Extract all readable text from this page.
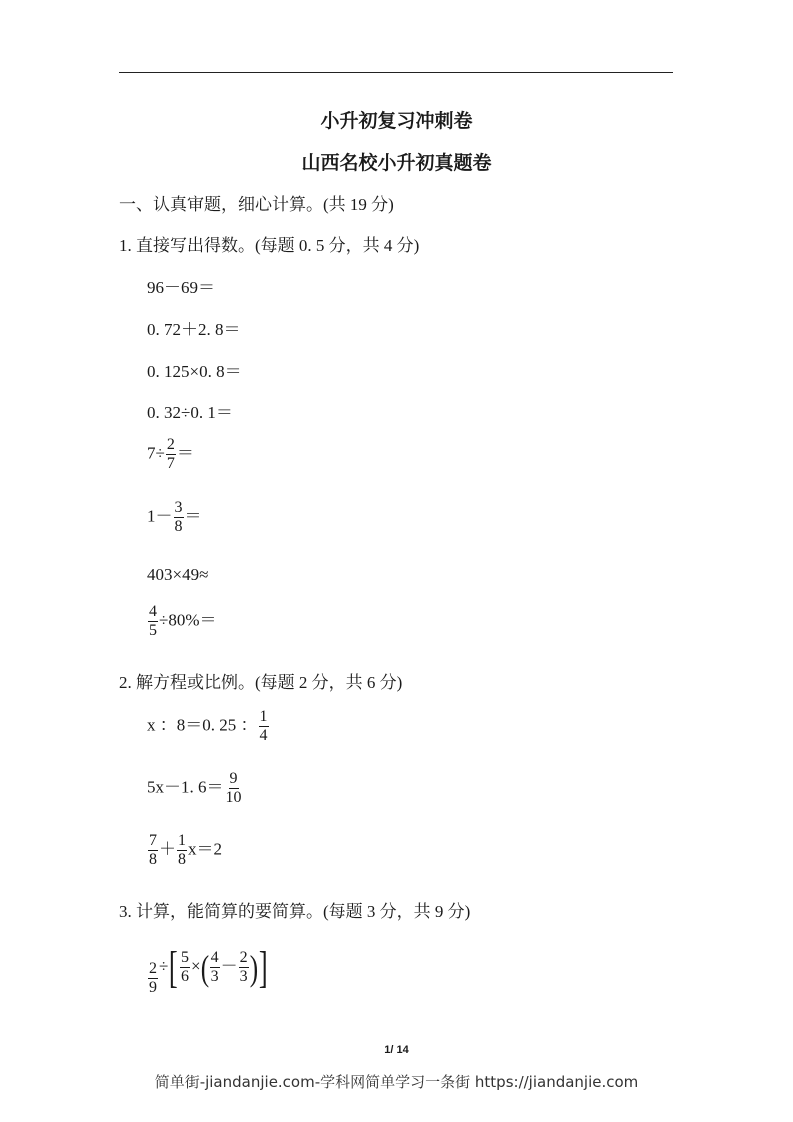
小升初复习冲刺卷
山西名校小升初真题卷
一、认真审题，细心计算。(共 19 分)
1. 直接写出得数。(每题 0. 5 分，共 4 分)
96－69＝
0. 72＋2. 8＝
0. 125×0. 8＝
0. 32÷0. 1＝
$7\div \frac{2}{7}$ ＝
$1- \frac{3}{8}$ ＝
403×49≈
$\frac{4}{5} \div 80\%=$
2. 解方程或比例。(每题 2 分，共 6 分)
x ：8＝0. 25 ： $\frac{1}{4}$
5x－1. $6= \frac{9}{10}$
$\frac{7}{8} + \frac{1}{8} x=2$
3. 计算，能简算的要简算。(每题 3 分，共 9 分)
$\frac{2}{9}$ ÷[ $\frac{5}{6}$ ×( $\frac{4}{3} - \frac{2}{3}$ )]
1/ 14
简单街-jiandanjie.com-学科网简单学习一条街 https://jiandanjie.com
